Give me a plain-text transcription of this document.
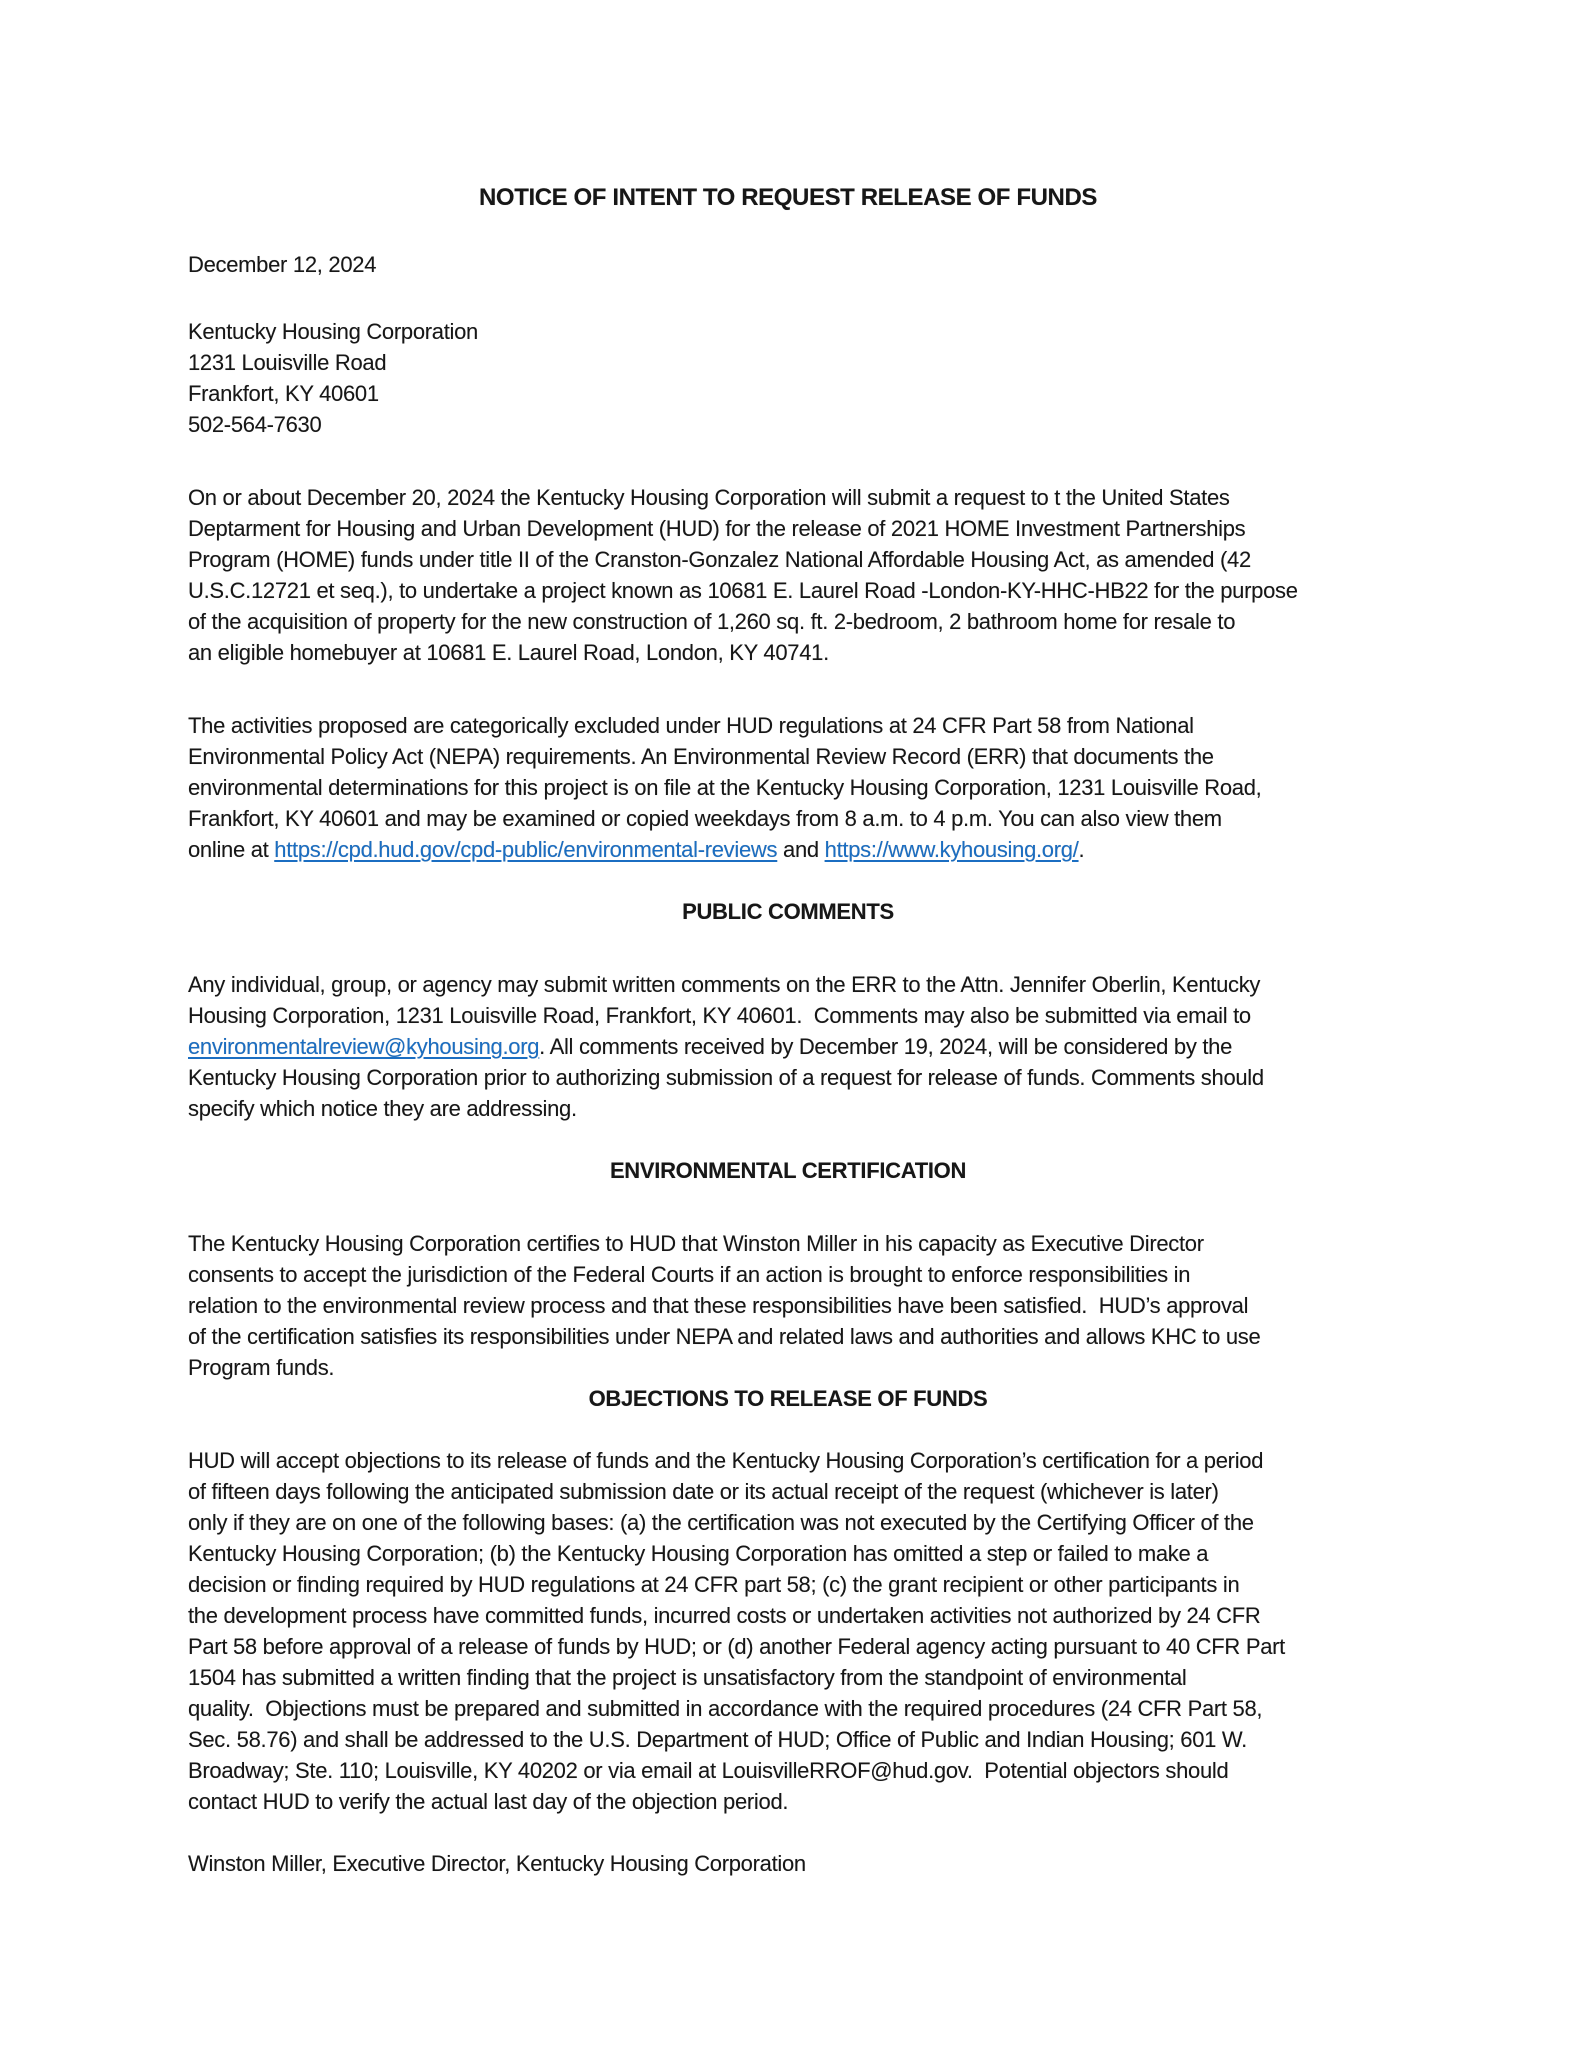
NOTICE OF INTENT TO REQUEST RELEASE OF FUNDS
December 12, 2024
Kentucky Housing Corporation
1231 Louisville Road
Frankfort, KY 40601
502-564-7630
On or about December 20, 2024 the Kentucky Housing Corporation will submit a request to t the United States
Deptarment for Housing and Urban Development (HUD) for the release of 2021 HOME Investment Partnerships
Program (HOME) funds under title II of the Cranston-Gonzalez National Affordable Housing Act, as amended (42
U.S.C.12721 et seq.), to undertake a project known as 10681 E. Laurel Road -London-KY-HHC-HB22 for the purpose
of the acquisition of property for the new construction of 1,260 sq. ft. 2-bedroom, 2 bathroom home for resale to
an eligible homebuyer at 10681 E. Laurel Road, London, KY 40741.
The activities proposed are categorically excluded under HUD regulations at 24 CFR Part 58 from National
Environmental Policy Act (NEPA) requirements. An Environmental Review Record (ERR) that documents the
environmental determinations for this project is on file at the Kentucky Housing Corporation, 1231 Louisville Road,
Frankfort, KY 40601 and may be examined or copied weekdays from 8 a.m. to 4 p.m. You can also view them
online at https://cpd.hud.gov/cpd-public/environmental-reviews and https://www.kyhousing.org/.
PUBLIC COMMENTS
Any individual, group, or agency may submit written comments on the ERR to the Attn. Jennifer Oberlin, Kentucky
Housing Corporation, 1231 Louisville Road, Frankfort, KY 40601.  Comments may also be submitted via email to
environmentalreview@kyhousing.org. All comments received by December 19, 2024, will be considered by the
Kentucky Housing Corporation prior to authorizing submission of a request for release of funds. Comments should
specify which notice they are addressing.
ENVIRONMENTAL CERTIFICATION
The Kentucky Housing Corporation certifies to HUD that Winston Miller in his capacity as Executive Director
consents to accept the jurisdiction of the Federal Courts if an action is brought to enforce responsibilities in
relation to the environmental review process and that these responsibilities have been satisfied.  HUD’s approval
of the certification satisfies its responsibilities under NEPA and related laws and authorities and allows KHC to use
Program funds.
OBJECTIONS TO RELEASE OF FUNDS
HUD will accept objections to its release of funds and the Kentucky Housing Corporation’s certification for a period
of fifteen days following the anticipated submission date or its actual receipt of the request (whichever is later)
only if they are on one of the following bases: (a) the certification was not executed by the Certifying Officer of the
Kentucky Housing Corporation; (b) the Kentucky Housing Corporation has omitted a step or failed to make a
decision or finding required by HUD regulations at 24 CFR part 58; (c) the grant recipient or other participants in
the development process have committed funds, incurred costs or undertaken activities not authorized by 24 CFR
Part 58 before approval of a release of funds by HUD; or (d) another Federal agency acting pursuant to 40 CFR Part
1504 has submitted a written finding that the project is unsatisfactory from the standpoint of environmental
quality.  Objections must be prepared and submitted in accordance with the required procedures (24 CFR Part 58,
Sec. 58.76) and shall be addressed to the U.S. Department of HUD; Office of Public and Indian Housing; 601 W.
Broadway; Ste. 110; Louisville, KY 40202 or via email at LouisvilleRROF@hud.gov.  Potential objectors should
contact HUD to verify the actual last day of the objection period.
Winston Miller, Executive Director, Kentucky Housing Corporation
